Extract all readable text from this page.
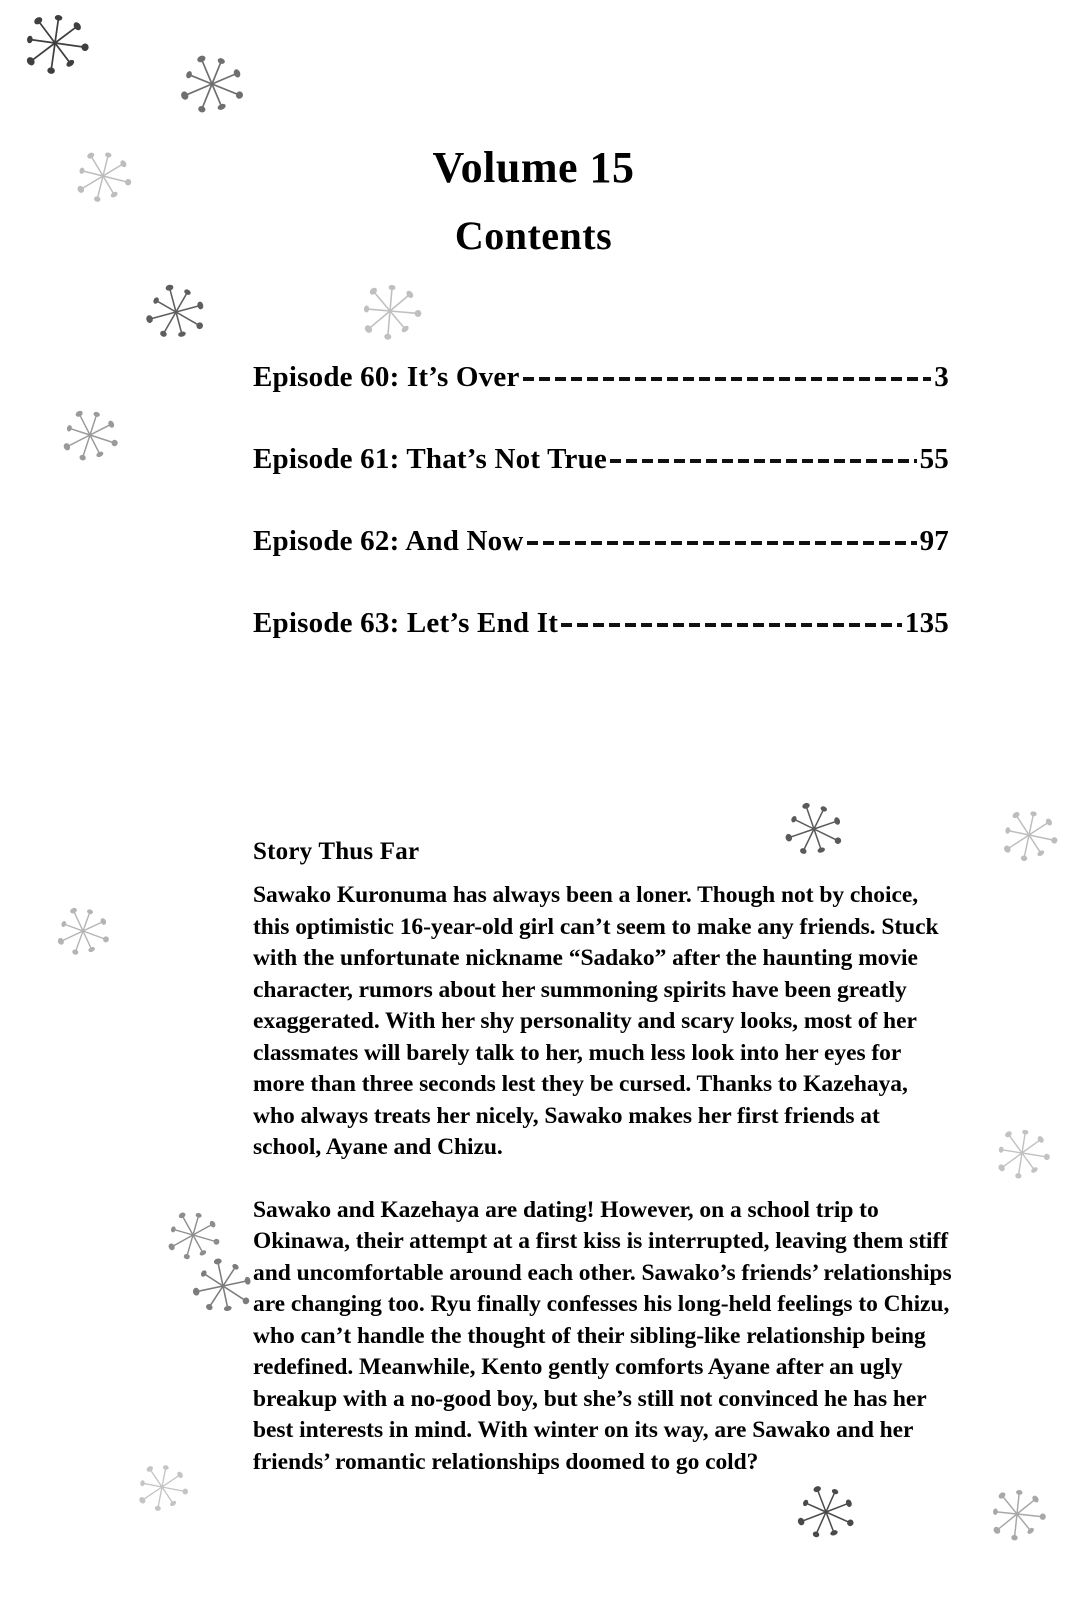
Volume 15
Contents
Episode 60: It’s Over	3
Episode 61: That’s Not True	55
Episode 62: And Now	97
Episode 63: Let’s End It	135
Story Thus Far

Sawako Kuronuma has always been a loner. Though not by choice, this optimistic 16-year-old girl can’t seem to make any friends. Stuck with the unfortunate nickname “Sadako” after the haunting movie character, rumors about her summoning spirits have been greatly exaggerated. With her shy personality and scary looks, most of her classmates will barely talk to her, much less look into her eyes for more than three seconds lest they be cursed. Thanks to Kazehaya, who always treats her nicely, Sawako makes her first friends at school, Ayane and Chizu.

Sawako and Kazehaya are dating! However, on a school trip to Okinawa, their attempt at a first kiss is interrupted, leaving them stiff and uncomfortable around each other. Sawako’s friends’ relationships are changing too. Ryu finally confesses his long-held feelings to Chizu, who can’t handle the thought of their sibling-like relationship being redefined. Meanwhile, Kento gently comforts Ayane after an ugly breakup with a no-good boy, but she’s still not convinced he has her best interests in mind. With winter on its way, are Sawako and her friends’ romantic relationships doomed to go cold?
